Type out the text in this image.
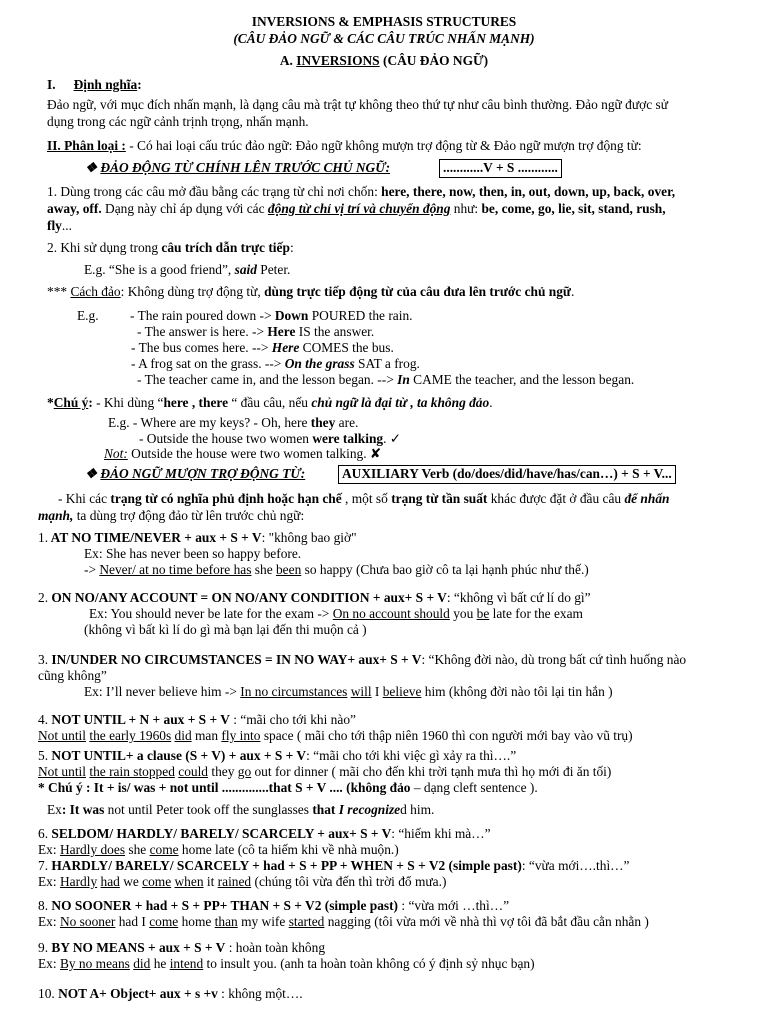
INVERSIONS & EMPHASIS STRUCTURES
(CÂU ĐẢO NGỮ & CÁC CÂU TRÚC NHẤN MẠNH)
A. INVERSIONS (CÂU ĐẢO NGỮ)
I. Định nghĩa:
Đảo ngữ, với mục đích nhấn mạnh, là dạng câu mà trật tự không theo thứ tự như câu bình thường. Đảo ngữ được sử
dụng trong các ngữ cảnh trịnh trọng, nhấn mạnh.
II. Phân loại : - Có hai loại cấu trúc đảo ngữ: Đảo ngữ không mượn trợ động từ & Đảo ngữ mượn trợ động từ:
❖ ĐẢO ĐỘNG TỪ CHÍNH LÊN TRƯỚC CHỦ NGỮ:	............V + S ............
1. Dùng trong các câu mở đầu bằng các trạng từ chỉ nơi chốn: here, there, now, then, in, out, down, up, back, over,
away, off. Dạng này chỉ áp dụng với các động từ chỉ vị trí và chuyển động như: be, come, go, lie, sit, stand, rush,
fly...
2. Khi sử dụng trong câu trích dẫn trực tiếp:
E.g. “She is a good friend”, said Peter.
*** Cách đảo: Không dùng trợ động từ, dùng trực tiếp động từ của câu đưa lên trước chủ ngữ.
E.g. - The rain poured down -> Down POURED the rain.
- The answer is here. -> Here IS the answer.
- The bus comes here. --> Here COMES the bus.
- A frog sat on the grass. --> On the grass SAT a frog.
- The teacher came in, and the lesson began. --> In CAME the teacher, and the lesson began.
*Chú ý: - Khi dùng “here , there “ đầu câu, nếu chủ ngữ là đại từ , ta không đảo.
E.g. - Where are my keys? - Oh, here they are.
- Outside the house two women were talking. ✓
Not: Outside the house were two women talking. ✘
❖ ĐẢO NGỮ MƯỢN TRỢ ĐỘNG TỪ:	AUXILIARY Verb (do/does/did/have/has/can…) + S + V...
- Khi các trạng từ có nghĩa phủ định hoặc hạn chế , một số trạng từ tần suất khác được đặt ở đầu câu để nhấn
mạnh, ta dùng trợ động đảo từ lên trước chủ ngữ:
1. AT NO TIME/NEVER + aux + S + V: "không bao giờ"
Ex: She has never been so happy before.
-> Never/ at no time before has she been so happy (Chưa bao giờ cô ta lại hạnh phúc như thế.)
2. ON NO/ANY ACCOUNT = ON NO/ANY CONDITION + aux+ S + V: “không vì bất cứ lí do gì”
Ex: You should never be late for the exam -> On no account should you be late for the exam
(không vì bất kì lí do gì mà bạn lại đến thi muộn cả )
3. IN/UNDER NO CIRCUMSTANCES = IN NO WAY+ aux+ S + V: “Không đời nào, dù trong bất cứ tình huống nào
cũng không”
Ex: I’ll never believe him -> In no circumstances will I believe him (không đời nào tôi lại tin hắn )
4. NOT UNTIL + N + aux + S + V : “mãi cho tới khi nào”
Not until the early 1960s did man fly into space ( mãi cho tới thập niên 1960 thì con người mới bay vào vũ trụ)
5. NOT UNTIL+ a clause (S + V) + aux + S + V: “mãi cho tới khi việc gì xảy ra thì….”
Not until the rain stopped could they go out for dinner ( mãi cho đến khi trời tạnh mưa thì họ mới đi ăn tối)
* Chú ý : It + is/ was + not until ..............that S + V .... (không đảo – dạng cleft sentence ).
Ex: It was not until Peter took off the sunglasses that I recognized him.
6. SELDOM/ HARDLY/ BARELY/ SCARCELY + aux+ S + V: “hiếm khi mà…”
Ex: Hardly does she come home late (cô ta hiếm khi về nhà muộn.)
7. HARDLY/ BARELY/ SCARCELY + had + S + PP + WHEN + S + V2 (simple past): “vừa mới….thì…”
Ex: Hardly had we come when it rained (chúng tôi vừa đến thì trời đổ mưa.)
8. NO SOONER + had + S + PP+ THAN + S + V2 (simple past) : “vừa mới …thì…”
Ex: No sooner had I come home than my wife started nagging (tôi vừa mới về nhà thì vợ tôi đã bắt đầu cằn nhằn )
9. BY NO MEANS + aux + S + V : hoàn toàn không
Ex: By no means did he intend to insult you. (anh ta hoàn toàn không có ý định sỷ nhục bạn)
10. NOT A+ Object+ aux + s +v : không một….
